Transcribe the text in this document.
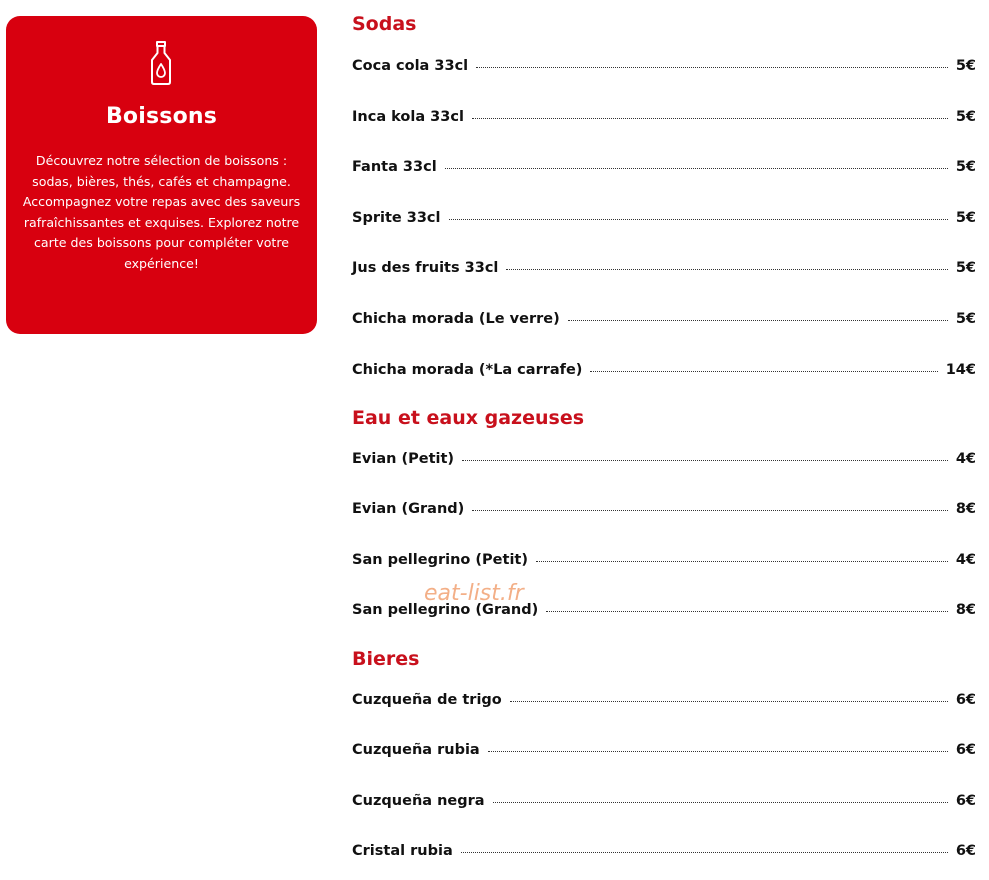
Boissons

Découvrez notre sélection de boissons : sodas, bières, thés, cafés et champagne. Accompagnez votre repas avec des saveurs rafraîchissantes et exquises. Explorez notre carte des boissons pour compléter votre expérience!

Sodas
Coca cola 33cl	5€
Inca kola 33cl	5€
Fanta 33cl	5€
Sprite 33cl	5€
Jus des fruits 33cl	5€
Chicha morada (Le verre)	5€
Chicha morada (*La carrafe)	14€
Eau et eaux gazeuses
Evian (Petit)	4€
Evian (Grand)	8€
San pellegrino (Petit)	4€
San pellegrino (Grand)	8€
Bieres
Cuzqueña de trigo	6€
Cuzqueña rubia	6€
Cuzqueña negra	6€
Cristal rubia	6€
eat-list.fr
